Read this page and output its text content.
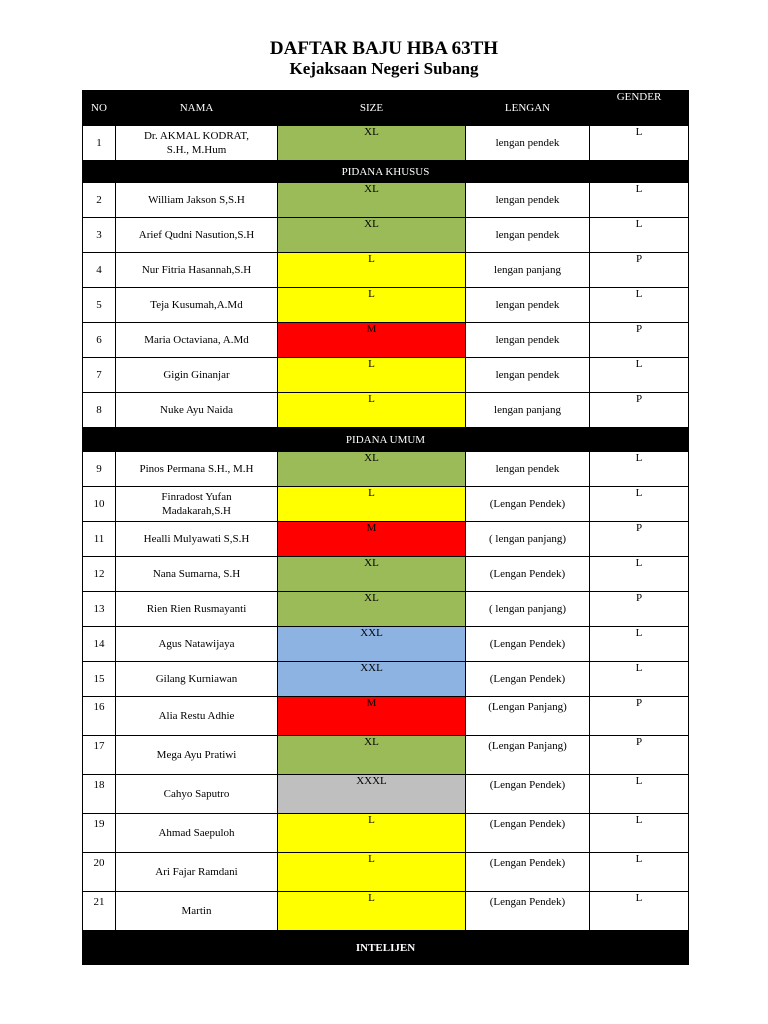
DAFTAR BAJU HBA 63TH
Kejaksaan Negeri Subang
NO	NAMA	SIZE	LENGAN	GENDER
1	Dr. AKMAL KODRAT,
S.H., M.Hum	XL	lengan pendek	L
PIDANA KHUSUS				
2	William Jakson S,S.H	XL	lengan pendek	L
3	Arief Qudni Nasution,S.H	XL	lengan pendek	L
4	Nur Fitria Hasannah,S.H	L	lengan panjang	P
5	Teja Kusumah,A.Md	L	lengan pendek	L
6	Maria Octaviana, A.Md	M	lengan pendek	P
7	Gigin Ginanjar	L	lengan pendek	L
8	Nuke Ayu Naida	L	lengan panjang	P
PIDANA UMUM				
9	Pinos Permana S.H., M.H	XL	lengan pendek	L
10	Finradost Yufan
Madakarah,S.H	L	(Lengan Pendek)	L
11	Healli Mulyawati S,S.H	M	( lengan panjang)	P
12	Nana Sumarna, S.H	XL	(Lengan Pendek)	L
13	Rien Rien Rusmayanti	XL	( lengan panjang)	P
14	Agus Natawijaya	XXL	(Lengan Pendek)	L
15	Gilang Kurniawan	XXL	(Lengan Pendek)	L
16	Alia Restu Adhie	M	(Lengan Panjang)	P
17	Mega Ayu Pratiwi	XL	(Lengan Panjang)	P
18	Cahyo Saputro	XXXL	(Lengan Pendek)	L
19	Ahmad Saepuloh	L	(Lengan Pendek)	L
20	Ari Fajar Ramdani	L	(Lengan Pendek)	L
21	Martin	L	(Lengan Pendek)	L
INTELIJEN				
